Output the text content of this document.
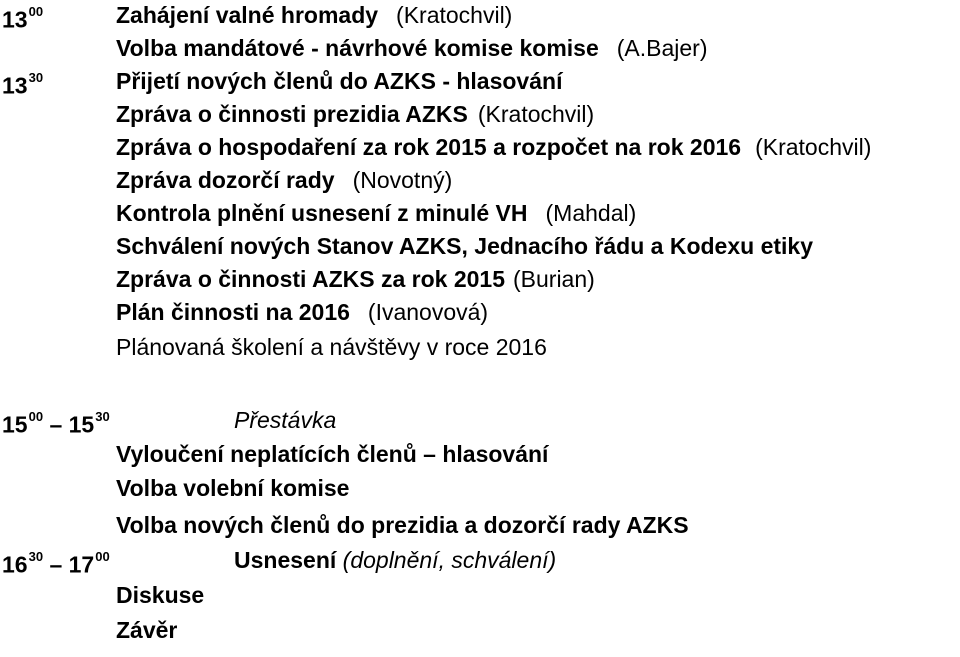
$13^{00}$	Zahájení valné hromady (Kratochvil)
Volba mandátové - návrhové komise komise (A.Bajer)
$13^{30}$	Přijetí nových členů do AZKS - hlasování
Zpráva o činnosti prezidia AZKS (Kratochvil)
Zpráva o hospodaření za rok 2015 a rozpočet na rok 2016 (Kratochvil)
Zpráva dozorčí rady (Novotný)
Kontrola plnění usnesení z minulé VH (Mahdal)
Schválení nových Stanov AZKS, Jednacího řádu a Kodexu etiky
Zpráva o činnosti AZKS za rok 2015 (Burian)
Plán činnosti na 2016 (Ivanovová)
Plánovaná školení a návštěvy v roce 2016
$15^{00} - 15^{30}$	Přestávka
Vyloučení neplatících členů – hlasování
Volba volební komise
Volba nových členů do prezidia a dozorčí rady AZKS
$16^{30} - 17^{00}$	Usnesení (doplnění, schválení)
Diskuse
Závěr
